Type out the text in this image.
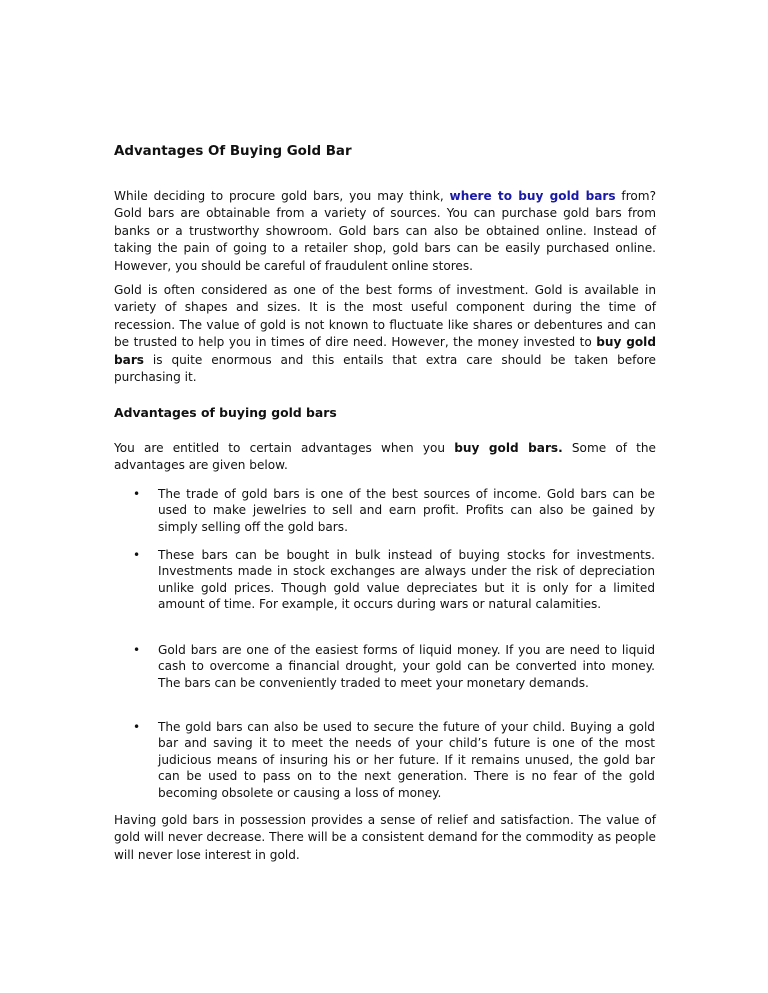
Advantages Of Buying Gold Bar

While deciding to procure gold bars, you may think, where to buy gold bars from? Gold bars are obtainable from a variety of sources. You can purchase gold bars from banks or a trustworthy showroom. Gold bars can also be obtained online. Instead of taking the pain of going to a retailer shop, gold bars can be easily purchased online. However, you should be careful of fraudulent online stores.

Gold is often considered as one of the best forms of investment. Gold is available in variety of shapes and sizes. It is the most useful component during the time of recession. The value of gold is not known to fluctuate like shares or debentures and can be trusted to help you in times of dire need. However, the money invested to buy gold bars is quite enormous and this entails that extra care should be taken before purchasing it.

Advantages of buying gold bars

You are entitled to certain advantages when you buy gold bars. Some of the advantages are given below.

• The trade of gold bars is one of the best sources of income. Gold bars can be used to make jewelries to sell and earn profit. Profits can also be gained by simply selling off the gold bars.

• These bars can be bought in bulk instead of buying stocks for investments. Investments made in stock exchanges are always under the risk of depreciation unlike gold prices. Though gold value depreciates but it is only for a limited amount of time. For example, it occurs during wars or natural calamities.

• Gold bars are one of the easiest forms of liquid money. If you are need to liquid cash to overcome a financial drought, your gold can be converted into money. The bars can be conveniently traded to meet your monetary demands.

• The gold bars can also be used to secure the future of your child. Buying a gold bar and saving it to meet the needs of your child’s future is one of the most judicious means of insuring his or her future. If it remains unused, the gold bar can be used to pass on to the next generation. There is no fear of the gold becoming obsolete or causing a loss of money.

Having gold bars in possession provides a sense of relief and satisfaction. The value of gold will never decrease. There will be a consistent demand for the commodity as people will never lose interest in gold.
